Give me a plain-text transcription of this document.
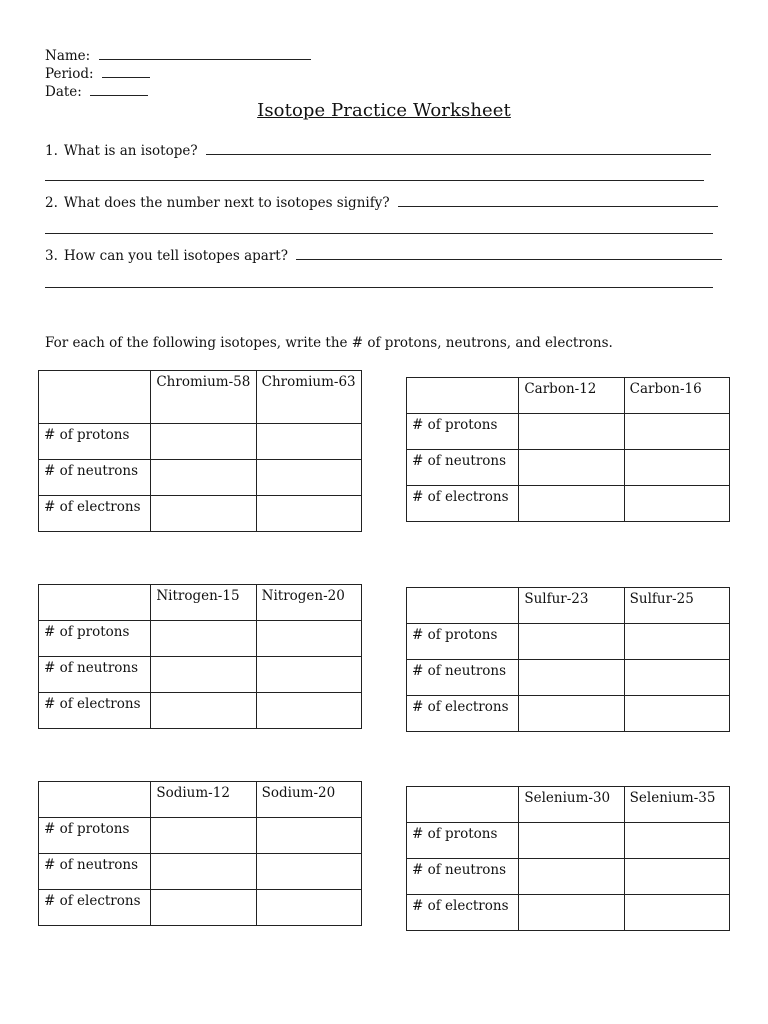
Name:
Period:
Date:
Isotope Practice Worksheet
1. What is an isotope?
2. What does the number next to isotopes signify?
3. How can you tell isotopes apart?
For each of the following isotopes, write the # of protons, neutrons, and electrons.
	Chromium-58	Chromium-63
# of protons		
# of neutrons		
# of electrons		
	Carbon-12	Carbon-16
# of protons		
# of neutrons		
# of electrons		
	Nitrogen-15	Nitrogen-20
# of protons		
# of neutrons		
# of electrons		
	Sulfur-23	Sulfur-25
# of protons		
# of neutrons		
# of electrons		
	Sodium-12	Sodium-20
# of protons		
# of neutrons		
# of electrons		
	Selenium-30	Selenium-35
# of protons		
# of neutrons		
# of electrons		
